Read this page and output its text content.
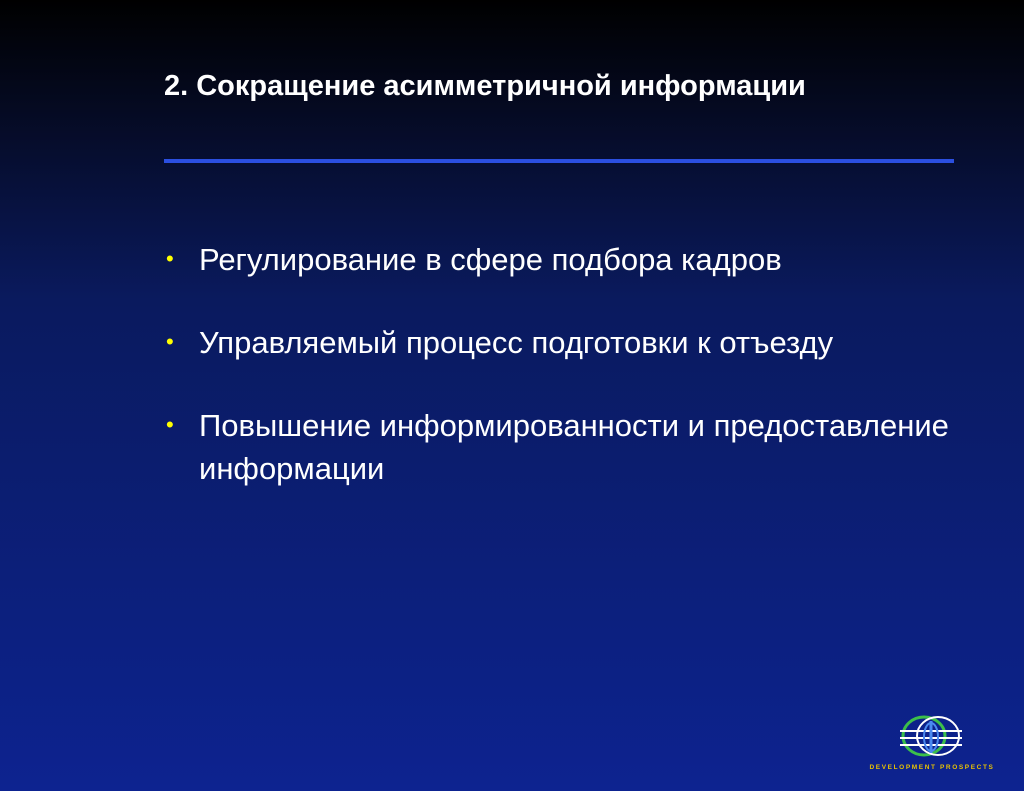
2. Сокращение асимметричной информации
• Регулирование в сфере подбора кадров
• Управляемый процесс подготовки к отъезду
• Повышение информированности и предоставление информации
DEVELOPMENT PROSPECTS
